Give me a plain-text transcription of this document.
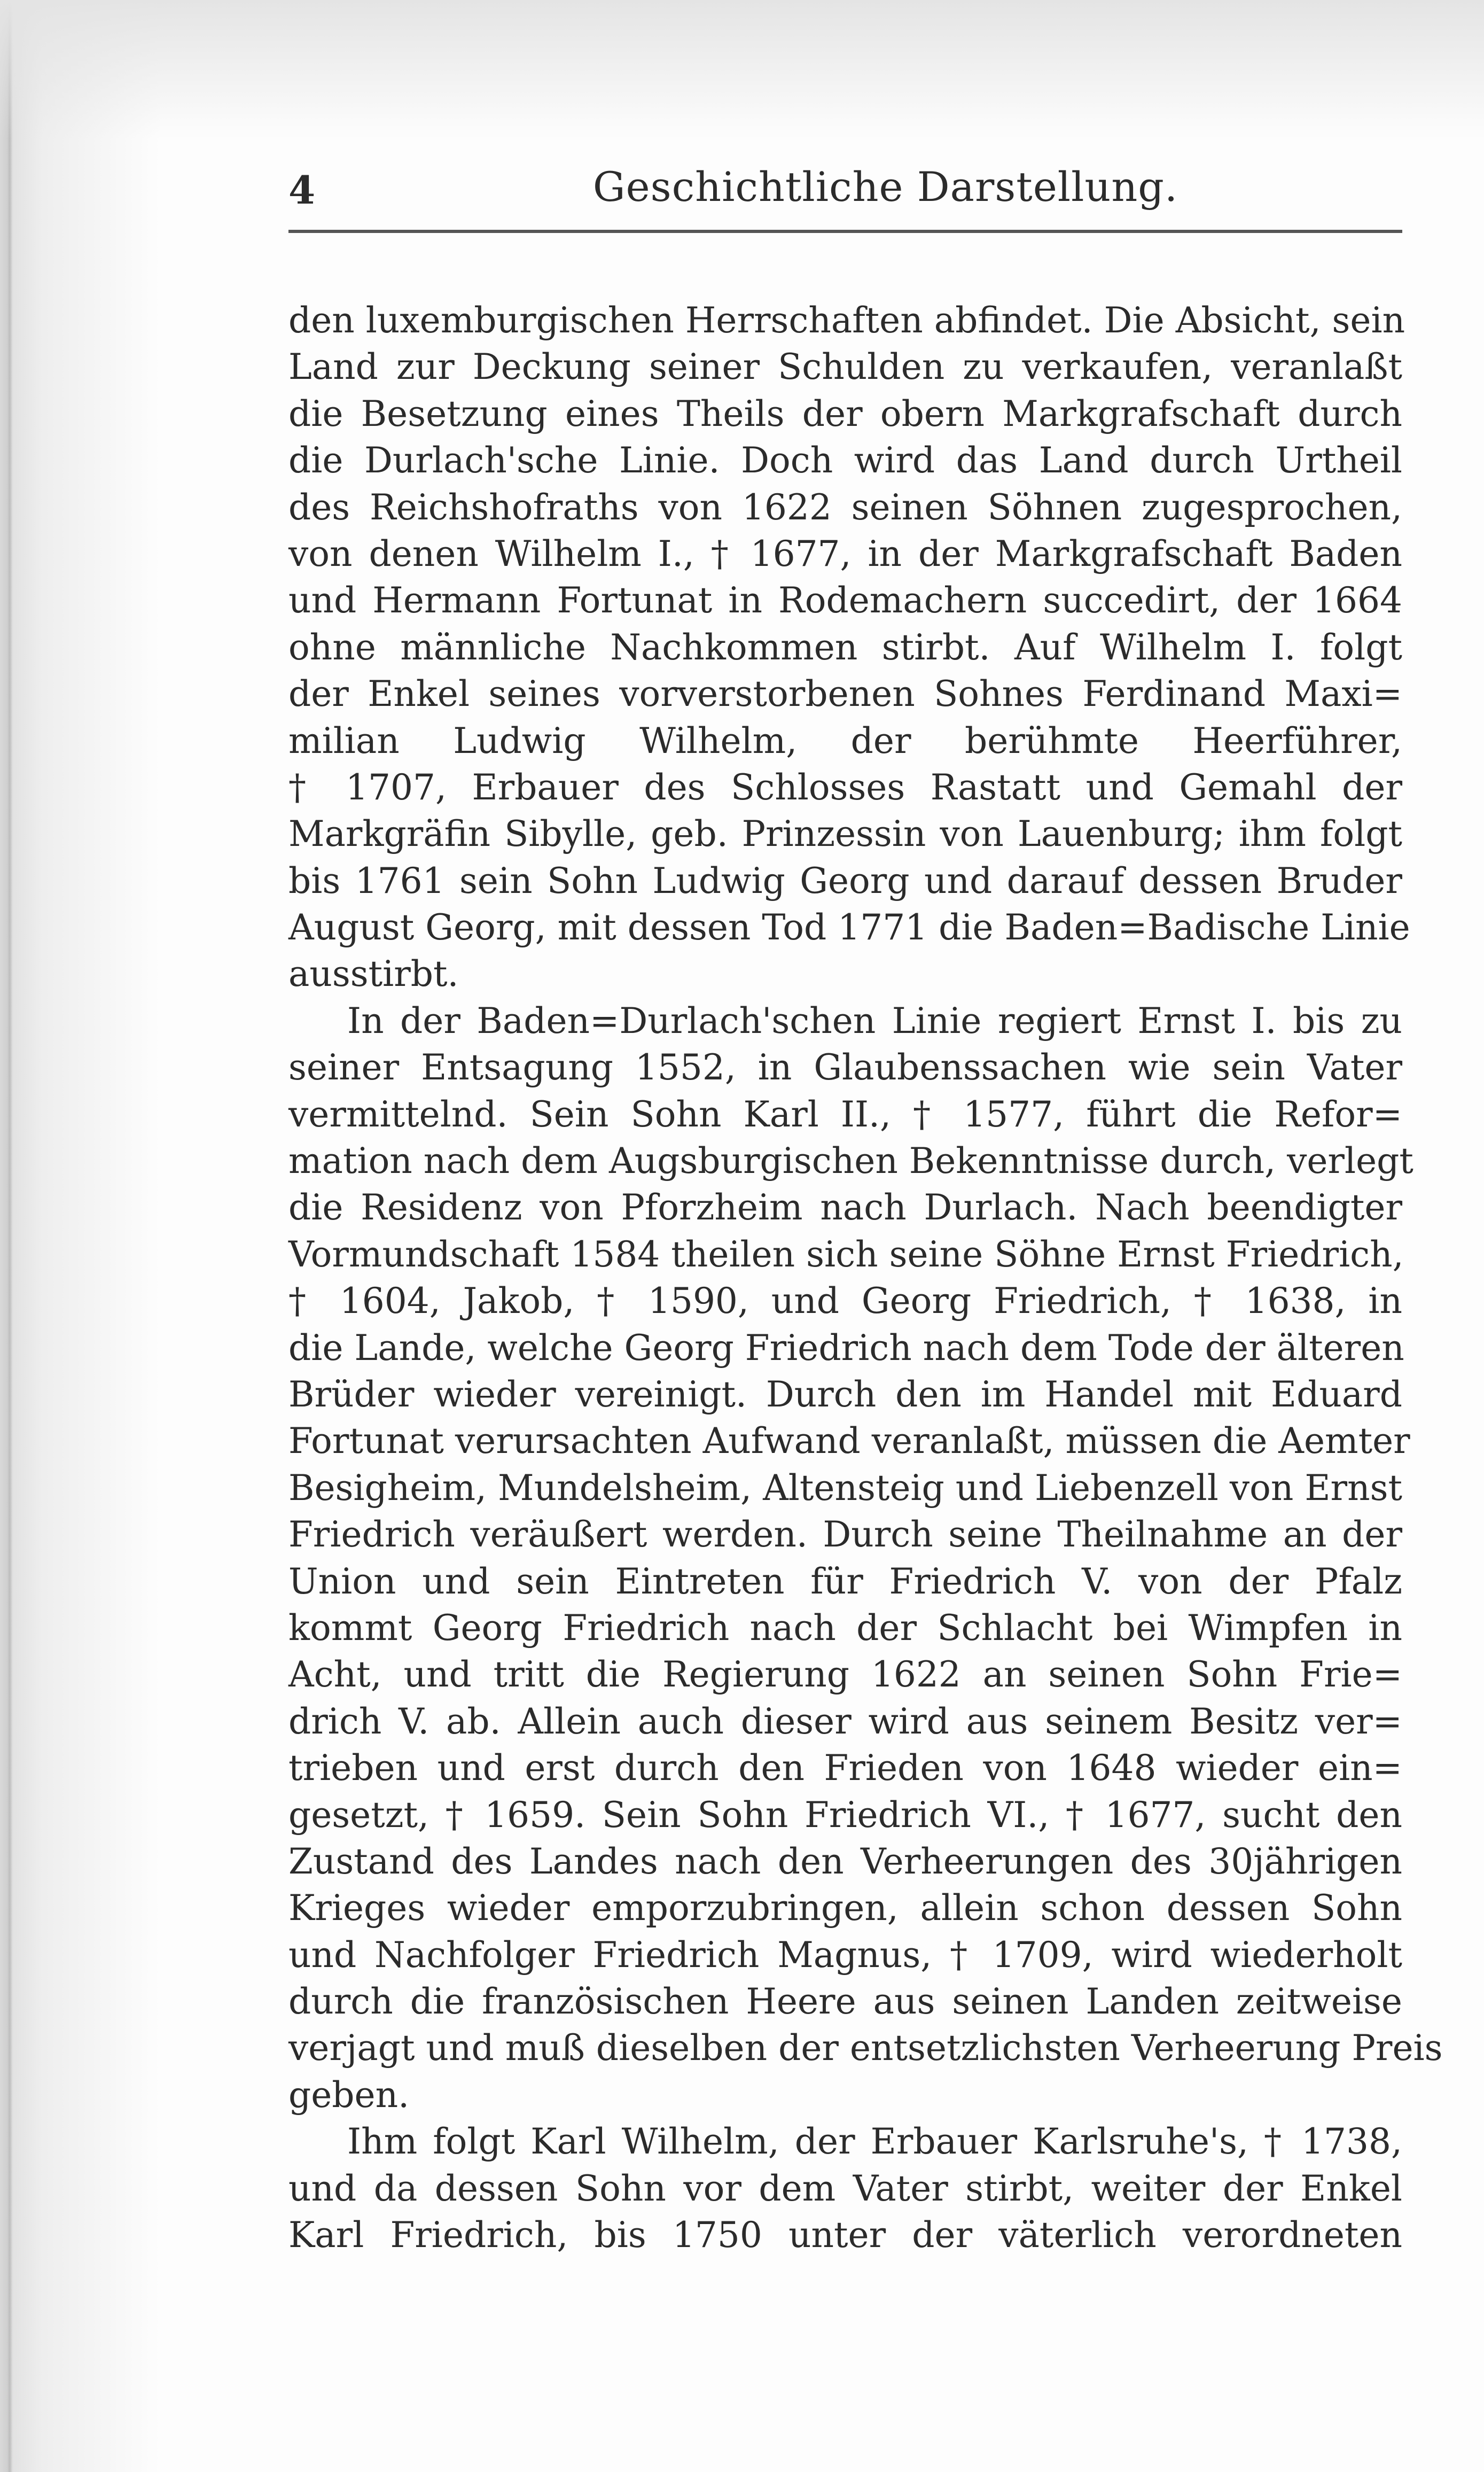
4	Geschichtliche Darstellung.

den luxemburgischen Herrschaften abfindet. Die Absicht, sein
Land zur Deckung seiner Schulden zu verkaufen, veranlaßt
die Besetzung eines Theils der obern Markgrafschaft durch
die Durlach'sche Linie. Doch wird das Land durch Urtheil
des Reichshofraths von 1622 seinen Söhnen zugesprochen,
von denen Wilhelm I., † 1677, in der Markgrafschaft Baden
und Hermann Fortunat in Rodemachern succedirt, der 1664
ohne männliche Nachkommen stirbt. Auf Wilhelm I. folgt
der Enkel seines vorverstorbenen Sohnes Ferdinand Maxi=
milian Ludwig Wilhelm, der berühmte Heerführer,
† 1707, Erbauer des Schlosses Rastatt und Gemahl der
Markgräfin Sibylle, geb. Prinzessin von Lauenburg; ihm folgt
bis 1761 sein Sohn Ludwig Georg und darauf dessen Bruder
August Georg, mit dessen Tod 1771 die Baden=Badische Linie
ausstirbt.

In der Baden=Durlach'schen Linie regiert Ernst I. bis zu
seiner Entsagung 1552, in Glaubenssachen wie sein Vater
vermittelnd. Sein Sohn Karl II., † 1577, führt die Refor=
mation nach dem Augsburgischen Bekenntnisse durch, verlegt
die Residenz von Pforzheim nach Durlach. Nach beendigter
Vormundschaft 1584 theilen sich seine Söhne Ernst Friedrich,
† 1604, Jakob, † 1590, und Georg Friedrich, † 1638, in
die Lande, welche Georg Friedrich nach dem Tode der älteren
Brüder wieder vereinigt. Durch den im Handel mit Eduard
Fortunat verursachten Aufwand veranlaßt, müssen die Aemter
Besigheim, Mundelsheim, Altensteig und Liebenzell von Ernst
Friedrich veräußert werden. Durch seine Theilnahme an der
Union und sein Eintreten für Friedrich V. von der Pfalz
kommt Georg Friedrich nach der Schlacht bei Wimpfen in
Acht, und tritt die Regierung 1622 an seinen Sohn Frie=
drich V. ab. Allein auch dieser wird aus seinem Besitz ver=
trieben und erst durch den Frieden von 1648 wieder ein=
gesetzt, † 1659. Sein Sohn Friedrich VI., † 1677, sucht den
Zustand des Landes nach den Verheerungen des 30jährigen
Krieges wieder emporzubringen, allein schon dessen Sohn
und Nachfolger Friedrich Magnus, † 1709, wird wiederholt
durch die französischen Heere aus seinen Landen zeitweise
verjagt und muß dieselben der entsetzlichsten Verheerung Preis
geben.

Ihm folgt Karl Wilhelm, der Erbauer Karlsruhe's, † 1738,
und da dessen Sohn vor dem Vater stirbt, weiter der Enkel
Karl Friedrich, bis 1750 unter der väterlich verordneten
